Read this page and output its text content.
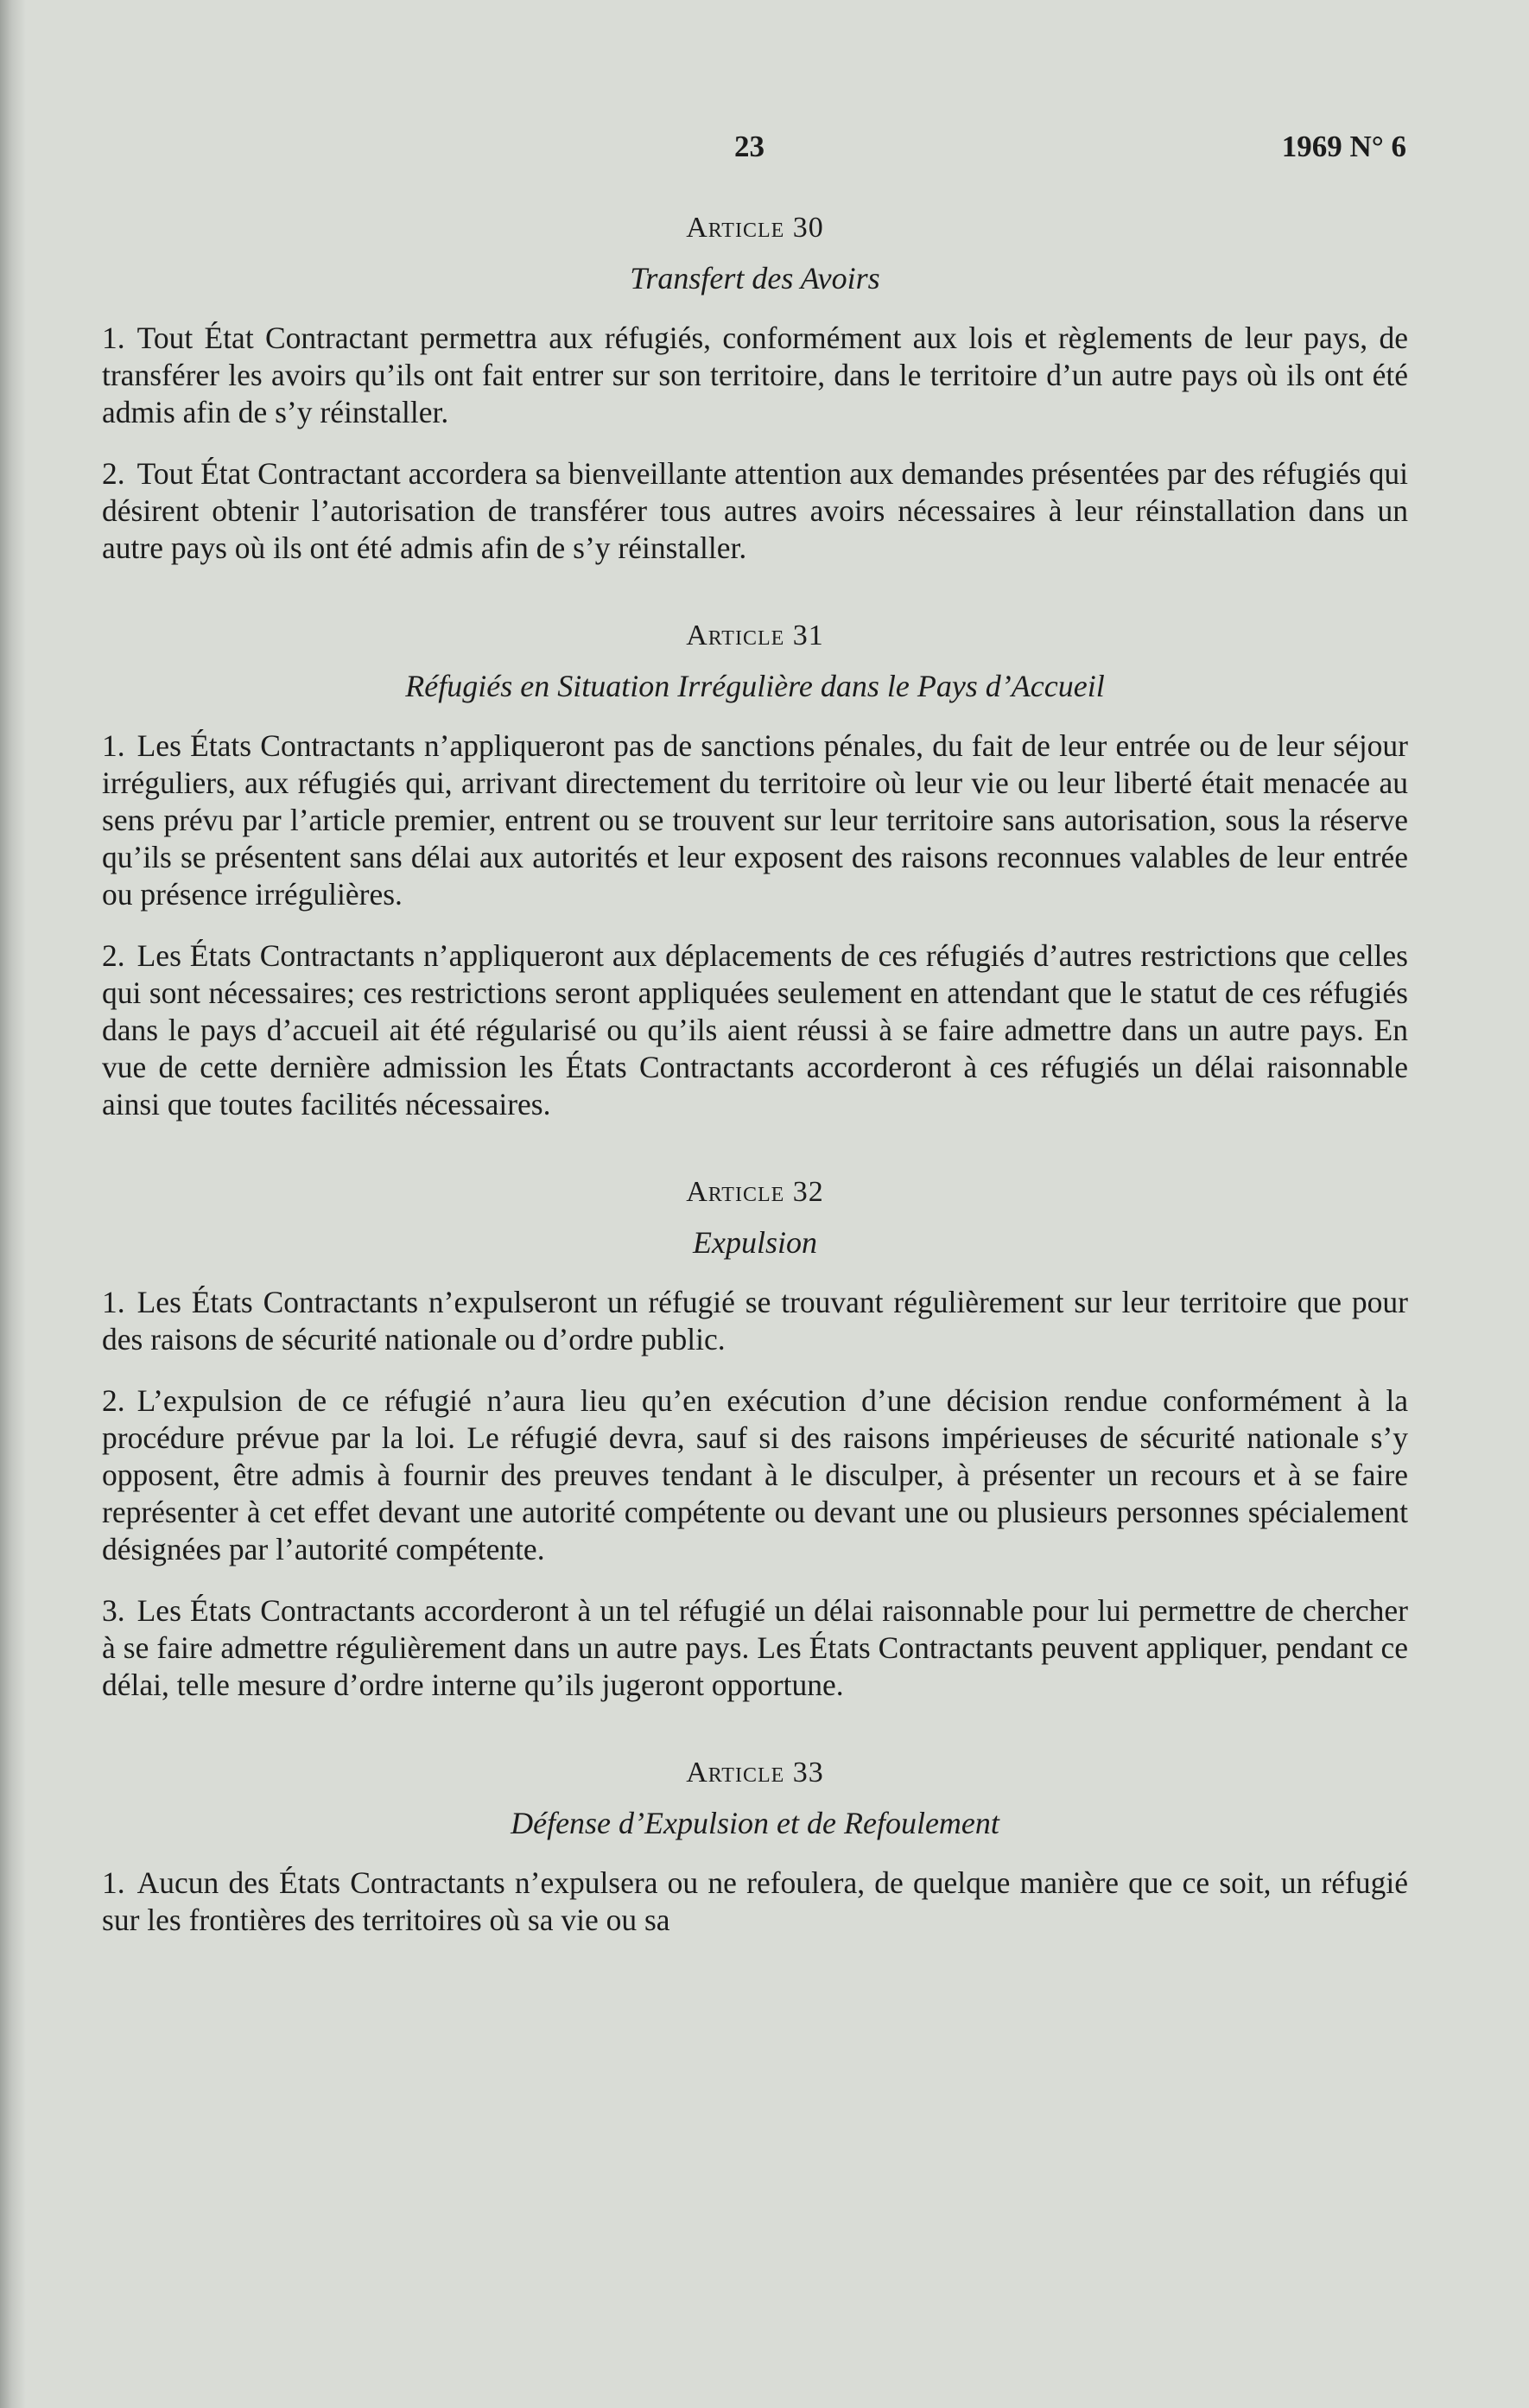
23	1969 N° 6
Article 30
Transfert des Avoirs

1. Tout État Contractant permettra aux réfugiés, conformément aux lois et règlements de leur pays, de transférer les avoirs qu’ils ont fait entrer sur son territoire, dans le territoire d’un autre pays où ils ont été admis afin de s’y réinstaller.

2. Tout État Contractant accordera sa bienveillante attention aux demandes présentées par des réfugiés qui désirent obtenir l’autorisation de transférer tous autres avoirs nécessaires à leur réinstallation dans un autre pays où ils ont été admis afin de s’y réinstaller.

Article 31
Réfugiés en Situation Irrégulière dans le Pays d’Accueil

1. Les États Contractants n’appliqueront pas de sanctions pénales, du fait de leur entrée ou de leur séjour irréguliers, aux réfugiés qui, arrivant directement du territoire où leur vie ou leur liberté était menacée au sens prévu par l’article premier, entrent ou se trouvent sur leur territoire sans autorisation, sous la réserve qu’ils se présentent sans délai aux autorités et leur exposent des raisons reconnues valables de leur entrée ou présence irrégulières.

2. Les États Contractants n’appliqueront aux déplacements de ces réfugiés d’autres restrictions que celles qui sont nécessaires; ces restrictions seront appliquées seulement en attendant que le statut de ces réfugiés dans le pays d’accueil ait été régularisé ou qu’ils aient réussi à se faire admettre dans un autre pays. En vue de cette dernière admission les États Contractants accorderont à ces réfugiés un délai raisonnable ainsi que toutes facilités nécessaires.

Article 32
Expulsion

1. Les États Contractants n’expulseront un réfugié se trouvant régulièrement sur leur territoire que pour des raisons de sécurité nationale ou d’ordre public.

2. L’expulsion de ce réfugié n’aura lieu qu’en exécution d’une décision rendue conformément à la procédure prévue par la loi. Le réfugié devra, sauf si des raisons impérieuses de sécurité nationale s’y opposent, être admis à fournir des preuves tendant à le disculper, à présenter un recours et à se faire représenter à cet effet devant une autorité compétente ou devant une ou plusieurs personnes spécialement désignées par l’autorité compétente.

3. Les États Contractants accorderont à un tel réfugié un délai raisonnable pour lui permettre de chercher à se faire admettre régulièrement dans un autre pays. Les États Contractants peuvent appliquer, pendant ce délai, telle mesure d’ordre interne qu’ils jugeront opportune.

Article 33
Défense d’Expulsion et de Refoulement

1. Aucun des États Contractants n’expulsera ou ne refoulera, de quelque manière que ce soit, un réfugié sur les frontières des territoires où sa vie ou sa
